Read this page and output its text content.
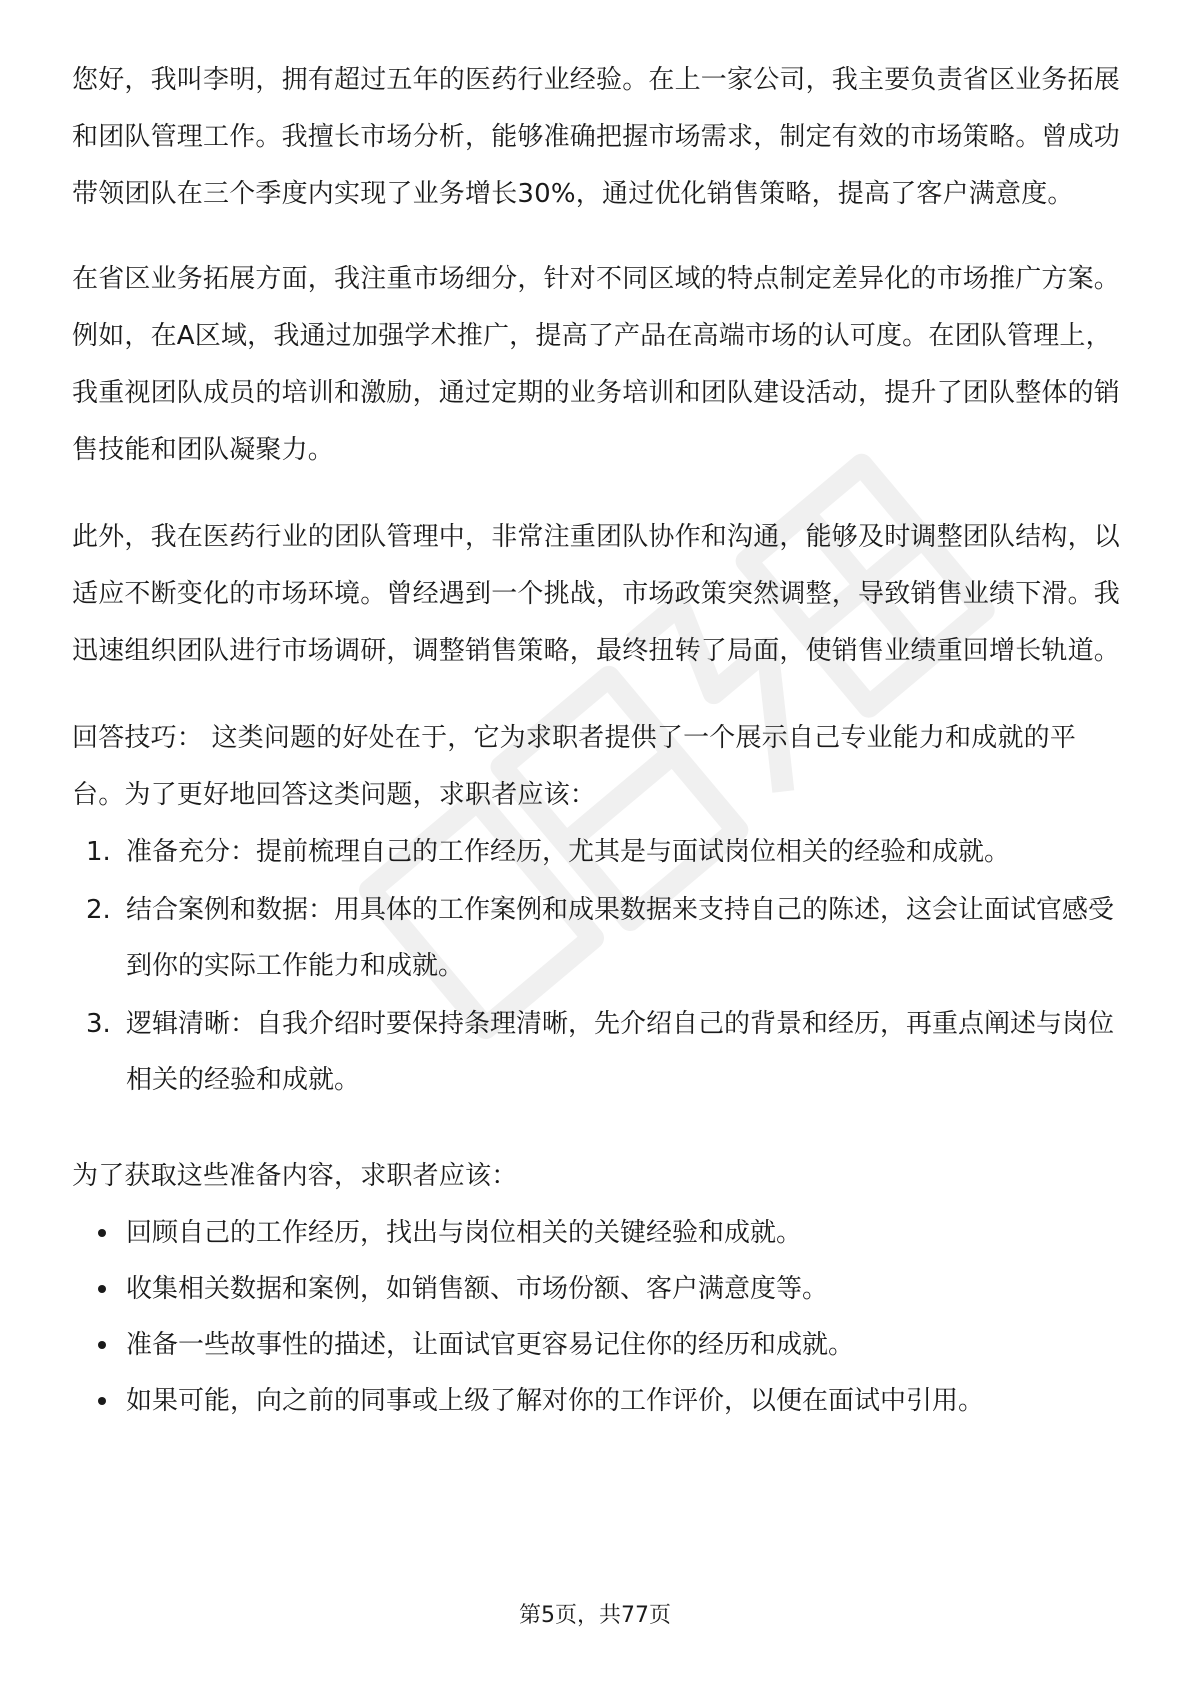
您好，我叫李明，拥有超过五年的医药行业经验。在上一家公司，我主要负责省区业务拓展和团队管理工作。我擅长市场分析，能够准确把握市场需求，制定有效的市场策略。曾成功带领团队在三个季度内实现了业务增长30%，通过优化销售策略，提高了客户满意度。

在省区业务拓展方面，我注重市场细分，针对不同区域的特点制定差异化的市场推广方案。例如，在A区域，我通过加强学术推广，提高了产品在高端市场的认可度。在团队管理上，我重视团队成员的培训和激励，通过定期的业务培训和团队建设活动，提升了团队整体的销售技能和团队凝聚力。

此外，我在医药行业的团队管理中，非常注重团队协作和沟通，能够及时调整团队结构，以适应不断变化的市场环境。曾经遇到一个挑战，市场政策突然调整，导致销售业绩下滑。我迅速组织团队进行市场调研，调整销售策略，最终扭转了局面，使销售业绩重回增长轨道。

回答技巧： 这类问题的好处在于，它为求职者提供了一个展示自己专业能力和成就的平台。为了更好地回答这类问题，求职者应该：

1. 准备充分：提前梳理自己的工作经历，尤其是与面试岗位相关的经验和成就。
2. 结合案例和数据：用具体的工作案例和成果数据来支持自己的陈述，这会让面试官感受到你的实际工作能力和成就。
3. 逻辑清晰：自我介绍时要保持条理清晰，先介绍自己的背景和经历，再重点阐述与岗位相关的经验和成就。

为了获取这些准备内容，求职者应该：

回顾自己的工作经历，找出与岗位相关的关键经验和成就。
收集相关数据和案例，如销售额、市场份额、客户满意度等。
准备一些故事性的描述，让面试官更容易记住你的经历和成就。
如果可能，向之前的同事或上级了解对你的工作评价，以便在面试中引用。
第5页，共77页
